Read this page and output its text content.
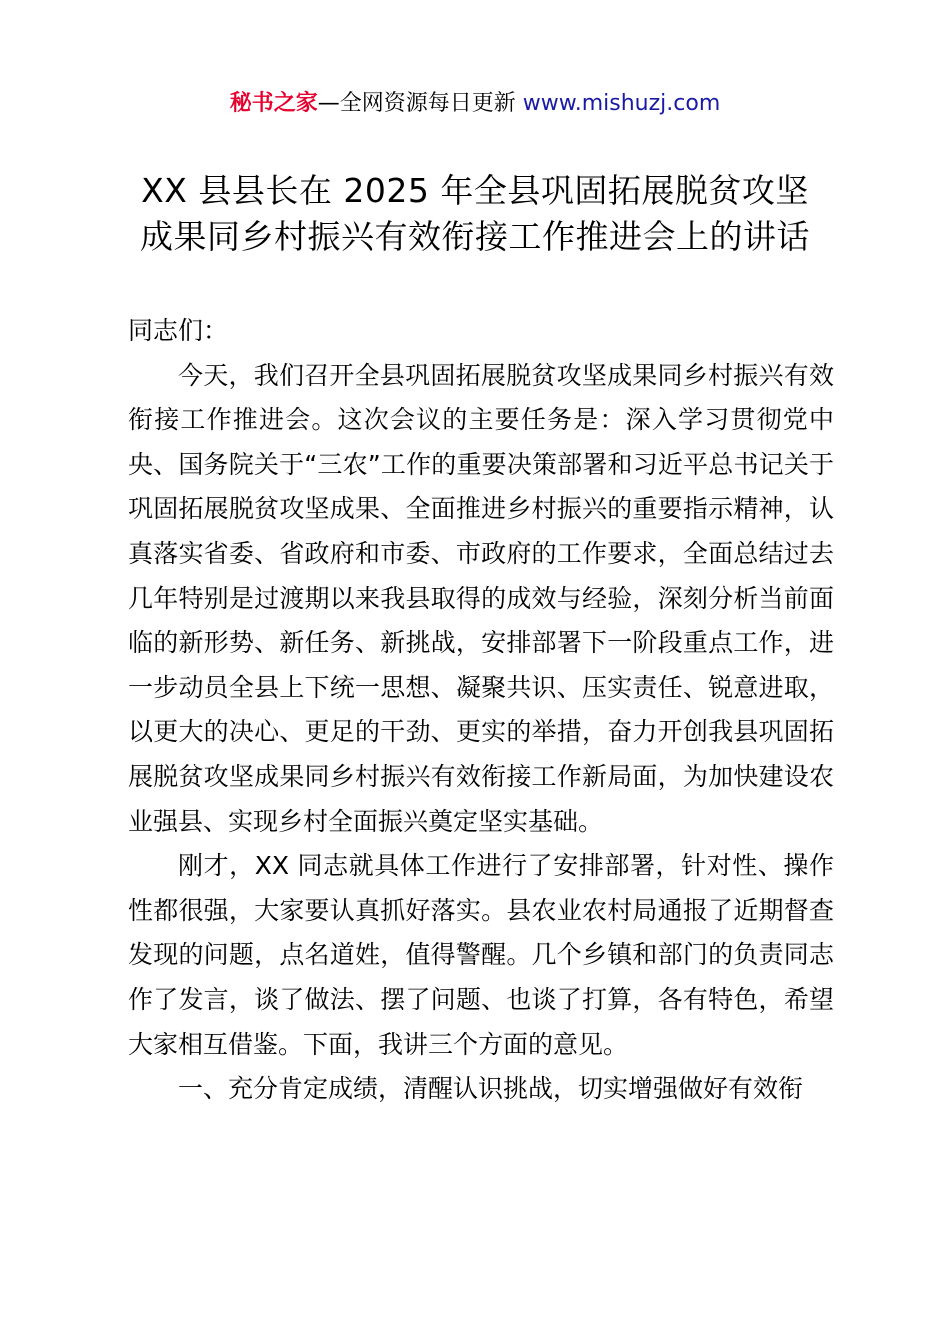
秘书之家—全网资源每日更新 www.mishuzj.com
XX 县县长在 2025 年全县巩固拓展脱贫攻坚
成果同乡村振兴有效衔接工作推进会上的讲话

同志们：

今天，我们召开全县巩固拓展脱贫攻坚成果同乡村振兴有效衔接工作推进会。这次会议的主要任务是：深入学习贯彻党中央、国务院关于“三农”工作的重要决策部署和习近平总书记关于巩固拓展脱贫攻坚成果、全面推进乡村振兴的重要指示精神，认真落实省委、省政府和市委、市政府的工作要求，全面总结过去几年特别是过渡期以来我县取得的成效与经验，深刻分析当前面临的新形势、新任务、新挑战，安排部署下一阶段重点工作，进一步动员全县上下统一思想、凝聚共识、压实责任、锐意进取，以更大的决心、更足的干劲、更实的举措，奋力开创我县巩固拓展脱贫攻坚成果同乡村振兴有效衔接工作新局面，为加快建设农业强县、实现乡村全面振兴奠定坚实基础。

刚才，XX 同志就具体工作进行了安排部署，针对性、操作性都很强，大家要认真抓好落实。县农业农村局通报了近期督查发现的问题，点名道姓，值得警醒。几个乡镇和部门的负责同志作了发言，谈了做法、摆了问题、也谈了打算，各有特色，希望大家相互借鉴。下面，我讲三个方面的意见。

一、充分肯定成绩，清醒认识挑战，切实增强做好有效衔
